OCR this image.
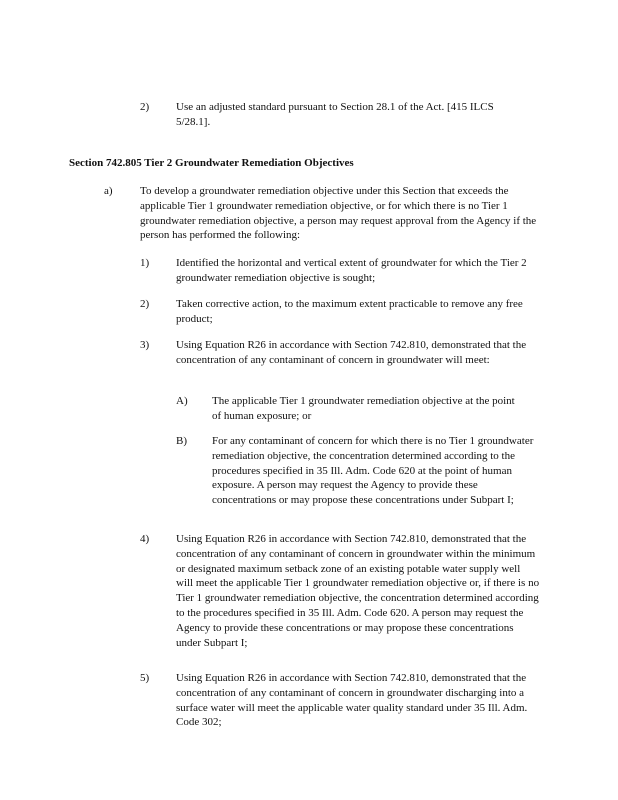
2) Use an adjusted standard pursuant to Section 28.1 of the Act. [415 ILCS 5/28.1].

Section 742.805 Tier 2 Groundwater Remediation Objectives

a) To develop a groundwater remediation objective under this Section that exceeds the applicable Tier 1 groundwater remediation objective, or for which there is no Tier 1 groundwater remediation objective, a person may request approval from the Agency if the person has performed the following:

1) Identified the horizontal and vertical extent of groundwater for which the Tier 2 groundwater remediation objective is sought;

2) Taken corrective action, to the maximum extent practicable to remove any free product;

3) Using Equation R26 in accordance with Section 742.810, demonstrated that the concentration of any contaminant of concern in groundwater will meet:

A) The applicable Tier 1 groundwater remediation objective at the point of human exposure; or

B) For any contaminant of concern for which there is no Tier 1 groundwater remediation objective, the concentration determined according to the procedures specified in 35 Ill. Adm. Code 620 at the point of human exposure. A person may request the Agency to provide these concentrations or may propose these concentrations under Subpart I;

4) Using Equation R26 in accordance with Section 742.810, demonstrated that the concentration of any contaminant of concern in groundwater within the minimum or designated maximum setback zone of an existing potable water supply well will meet the applicable Tier 1 groundwater remediation objective or, if there is no Tier 1 groundwater remediation objective, the concentration determined according to the procedures specified in 35 Ill. Adm. Code 620. A person may request the Agency to provide these concentrations or may propose these concentrations under Subpart I;

5) Using Equation R26 in accordance with Section 742.810, demonstrated that the concentration of any contaminant of concern in groundwater discharging into a surface water will meet the applicable water quality standard under 35 Ill. Adm. Code 302;
